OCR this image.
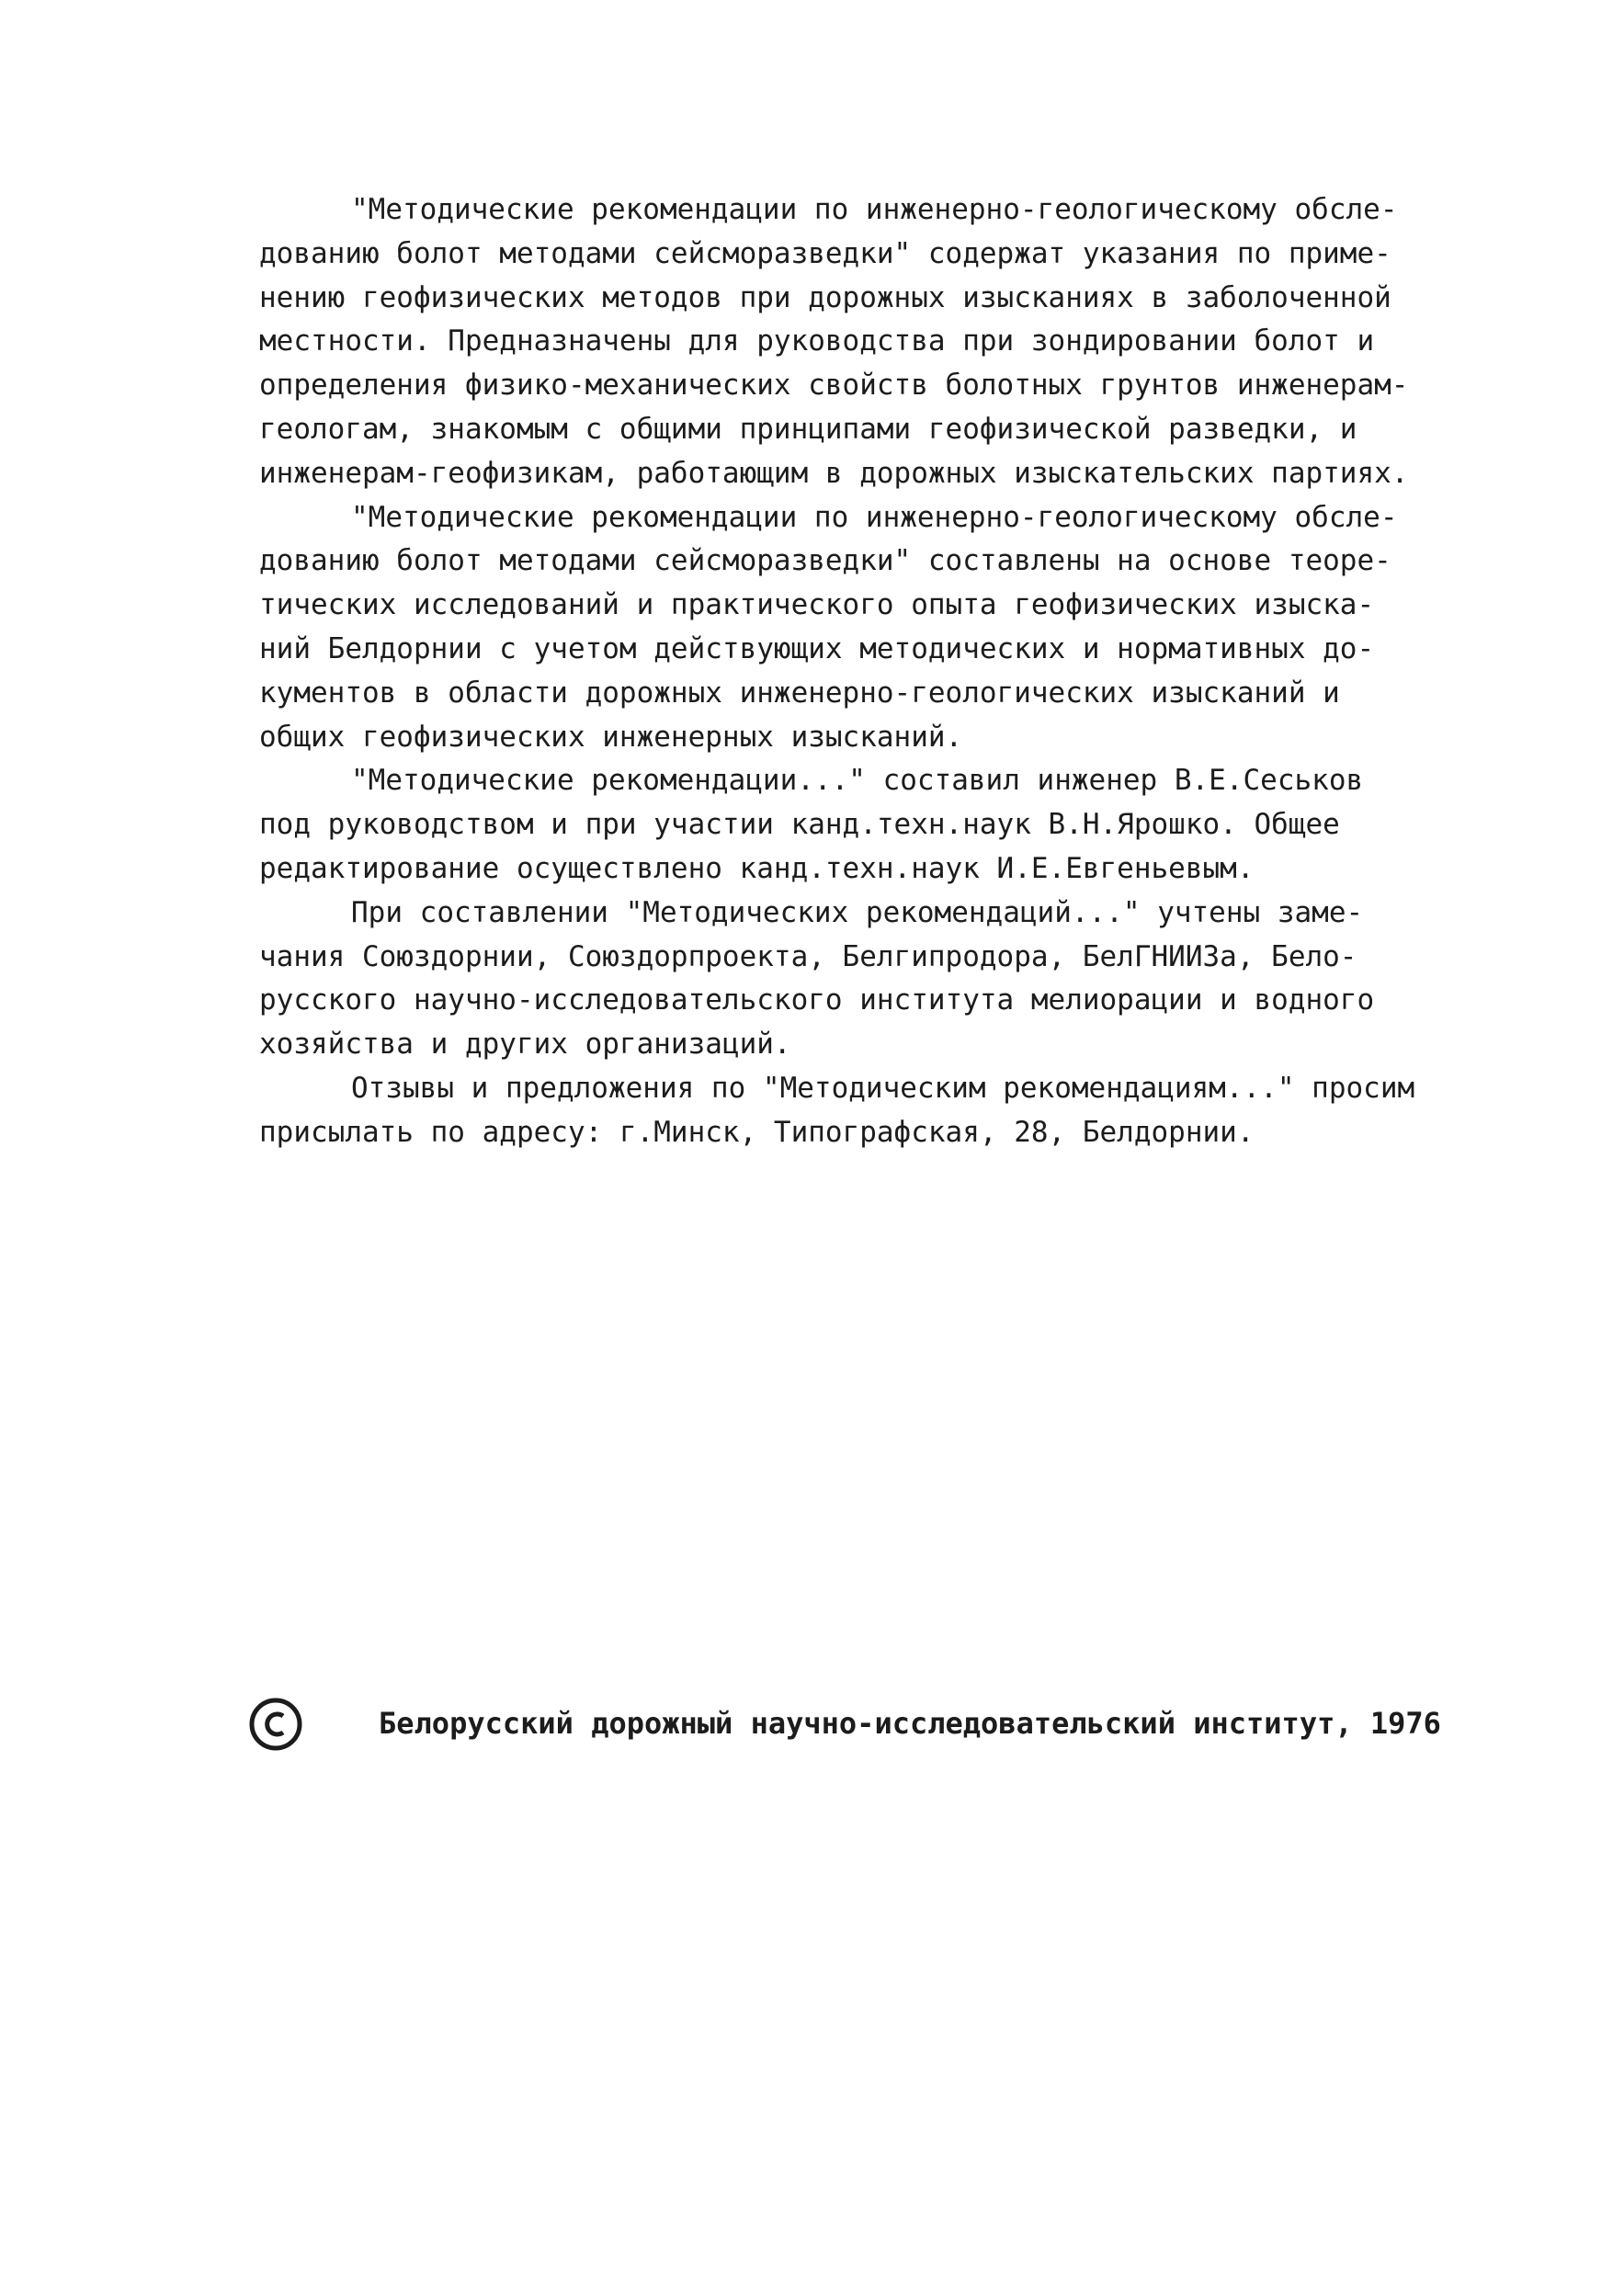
"Методические рекомендации по инженерно-геологическому обсле-
дованию болот методами сейсморазведки" содержат указания по приме-
нению геофизических методов при дорожных изысканиях в заболоченной
местности. Предназначены для руководства при зондировании болот и
определения физико-механических свойств болотных грунтов инженерам-
геологам, знакомым с общими принципами геофизической разведки, и
инженерам-геофизикам, работающим в дорожных изыскательских партиях.
"Методические рекомендации по инженерно-геологическому обсле-
дованию болот методами сейсморазведки" составлены на основе теоре-
тических исследований и практического опыта геофизических изыска-
ний Белдорнии с учетом действующих методических и нормативных до-
кументов в области дорожных инженерно-геологических изысканий и
общих геофизических инженерных изысканий.
"Методические рекомендации..." составил инженер В.Е.Сеськов
под руководством и при участии канд.техн.наук В.Н.Ярошко. Общее
редактирование осуществлено канд.техн.наук И.Е.Евгеньевым.
При составлении "Методических рекомендаций..." учтены заме-
чания Союздорнии, Союздорпроекта, Белгипродора, БелГНИИЗа, Бело-
русского научно-исследовательского института мелиорации и водного
хозяйства и других организаций.
Отзывы и предложения по "Методическим рекомендациям..." просим
присылать по адресу: г.Минск, Типографская, 28, Белдорнии.
Белорусский дорожный научно-исследовательский институт, 1976
